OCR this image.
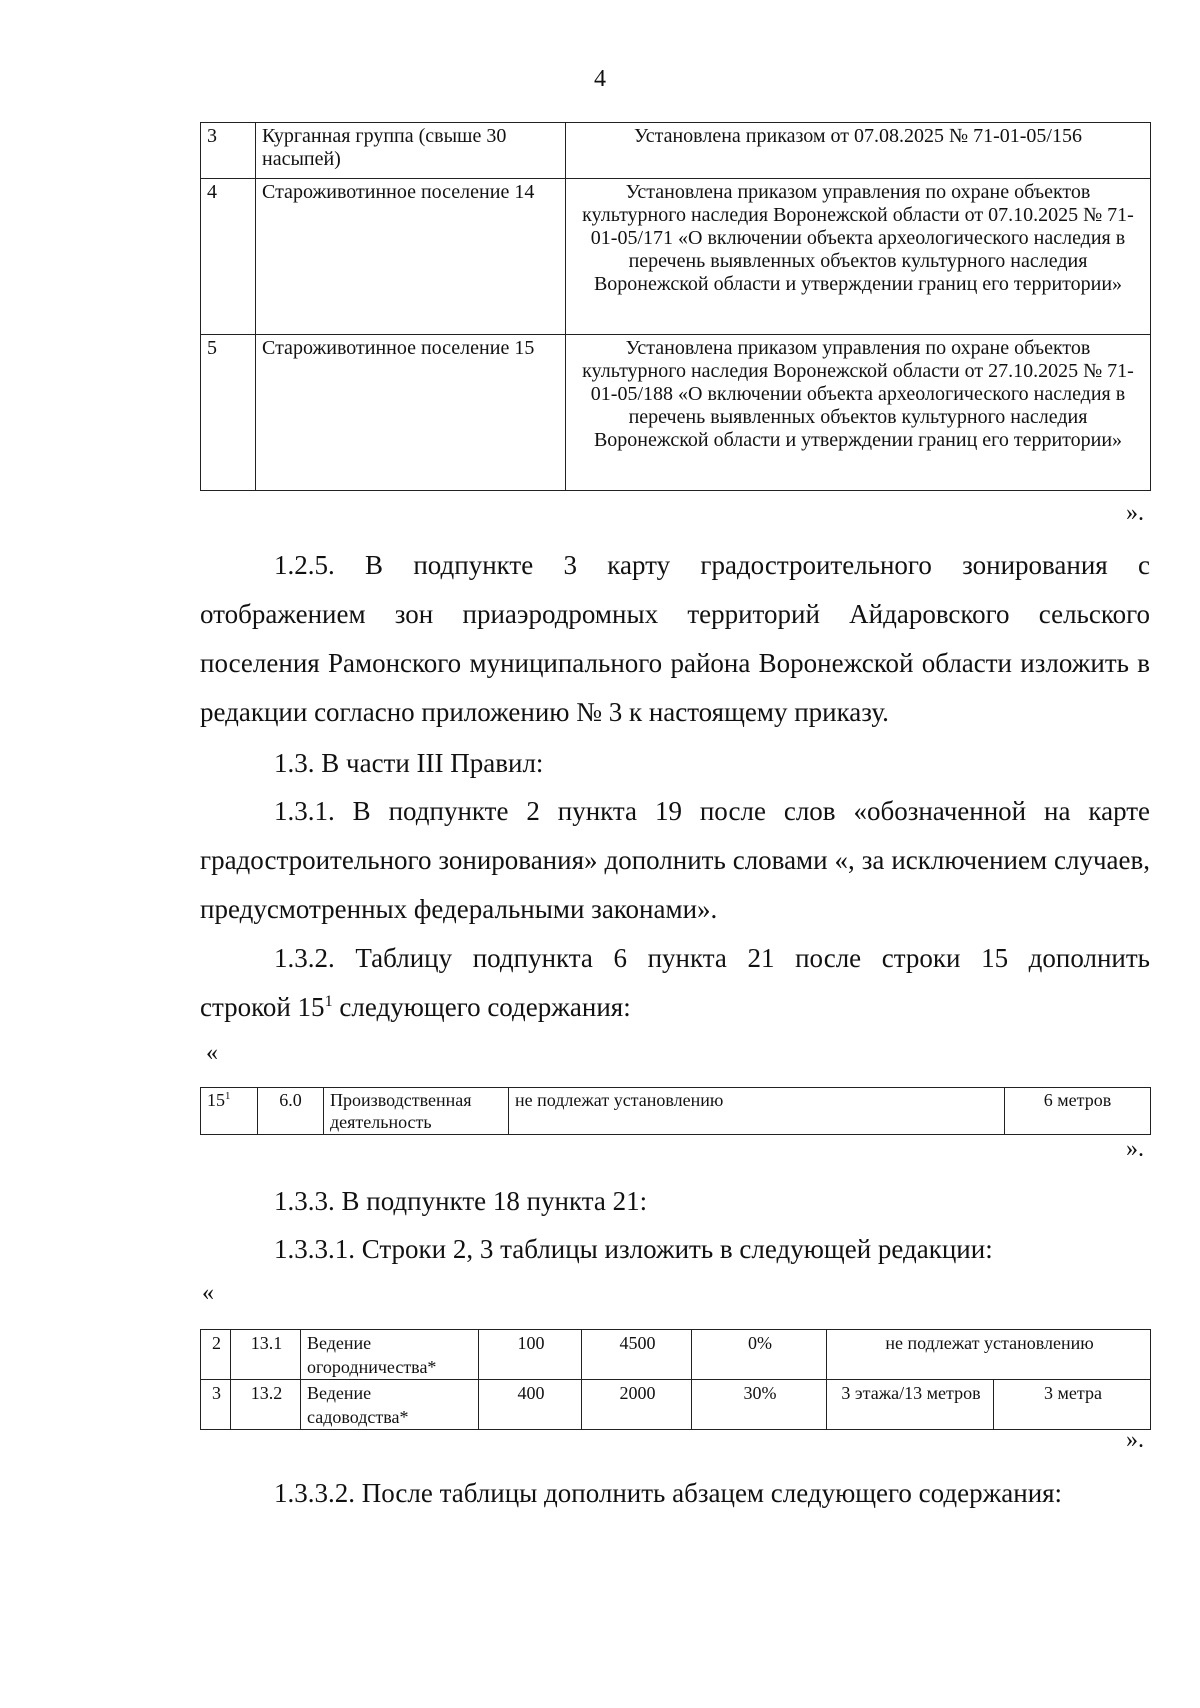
4
3	Курганная группа (свыше 30 насыпей)	Установлена приказом от 07.08.2025 № 71-01-05/156
4	Староживотинное поселение 14	Установлена приказом управления по охране объектов культурного наследия Воронежской области от 07.10.2025 № 71-01-05/171 «О включении объекта археологического наследия в перечень выявленных объектов культурного наследия Воронежской области и утверждении границ его территории»
5	Староживотинное поселение 15	Установлена приказом управления по охране объектов культурного наследия Воронежской области от 27.10.2025 № 71-01-05/188 «О включении объекта археологического наследия в перечень выявленных объектов культурного наследия Воронежской области и утверждении границ его территории»
».
1.2.5. В подпункте 3 карту градостроительного зонирования с отображением зон приаэродромных территорий Айдаровского сельского поселения Рамонского муниципального района Воронежской области изложить в редакции согласно приложению № 3 к настоящему приказу.
1.3. В части III Правил:
1.3.1. В подпункте 2 пункта 19 после слов «обозначенной на карте градостроительного зонирования» дополнить словами «, за исключением случаев, предусмотренных федеральными законами».
1.3.2. Таблицу подпункта 6 пункта 21 после строки 15 дополнить
строкой $15^1$ следующего содержания:
«
$15^1$	6.0	Производственная деятельность	не подлежат установлению	6 метров
».
1.3.3. В подпункте 18 пункта 21:
1.3.3.1. Строки 2, 3 таблицы изложить в следующей редакции:
«
2	13.1	Ведение огородничества*	100	4500	0%	не подлежат установлению	
3	13.2	Ведение садоводства*	400	2000	30%	3 этажа/13 метров	3 метра
».
1.3.3.2. После таблицы дополнить абзацем следующего содержания:
